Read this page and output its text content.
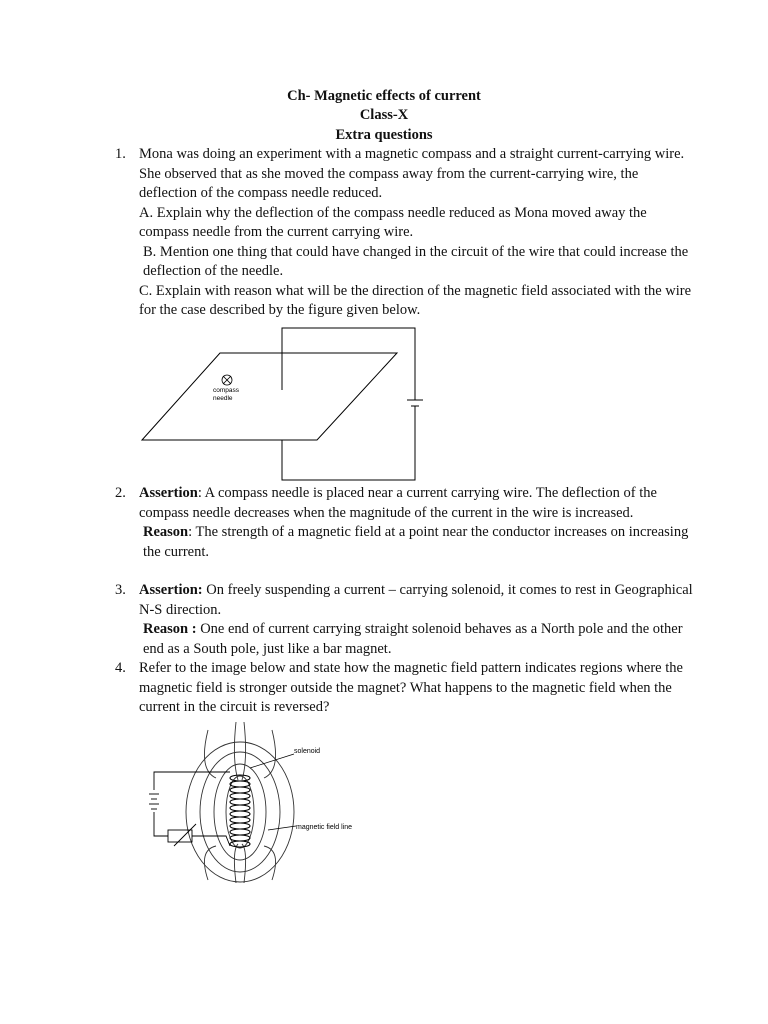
Ch- Magnetic effects of current
Class-X
Extra questions
1. Mona was doing an experiment with a magnetic compass and a straight current-carrying wire. She observed that as she moved the compass away from the current-carrying wire, the deflection of the compass needle reduced.

A. Explain why the deflection of the compass needle reduced as Mona moved away the compass needle from the current carrying wire.

B. Mention one thing that could have changed in the circuit of the wire that could increase the deflection of the needle.

C. Explain with reason what will be the direction of the magnetic field associated with the wire for the case described by the figure given below.

compass
needle
2. Assertion: A compass needle is placed near a current carrying wire. The deflection of the compass needle decreases when the magnitude of the current in the wire is increased.

Reason: The strength of a magnetic field at a point near the conductor increases on increasing the current.

3. Assertion: On freely suspending a current – carrying solenoid, it comes to rest in Geographical N-S direction.

Reason : One end of current carrying straight solenoid behaves as a North pole and the other end as a South pole, just like a bar magnet.

4. Refer to the image below and state how the magnetic field pattern indicates regions where the magnetic field is stronger outside the magnet? What happens to the magnetic field when the current in the circuit is reversed?

solenoid
magnetic field line
